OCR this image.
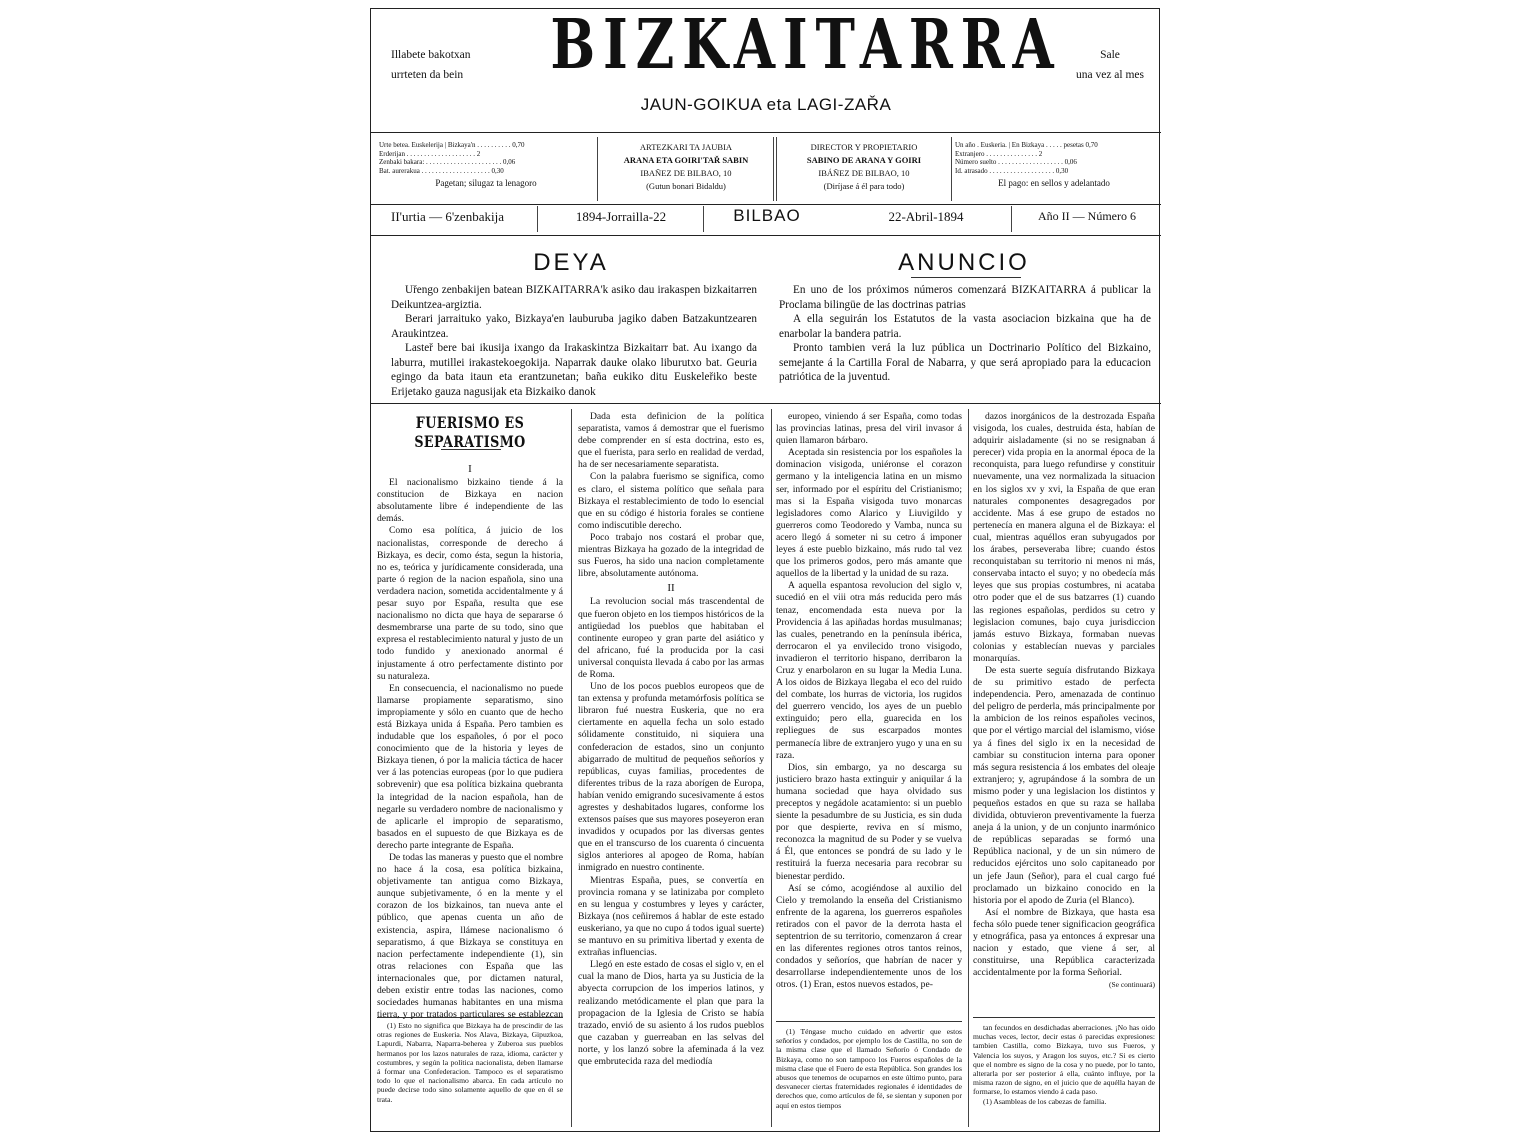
Illabete bakotxan
urrteten da bein	BIZKAITARRA	Sale
una vez al mes
JAUN-GOIKUA eta LAGI-ZAŘA
Urte betea. Euskelerija | Bizkaya'n . . . . . . . . . . 0,70
Erderijan . . . . . . . . . . . . . . . . . . . . 2
Zenbaki bakara: . . . . . . . . . . . . . . . . . . . . . . 0,06
Bat. aurerakua . . . . . . . . . . . . . . . . . . . . 0,30
Pagetan; silugaz ta lenagoro
ARTEZKARI TA JAUBIA
ARANA ETA GOIRI'TAŘ SABIN
IBAÑEZ DE BILBAO, 10
(Gutun bonari Bidaldu)
DIRECTOR Y PROPIETARIO
SABINO DE ARANA Y GOIRI
IBÁÑEZ DE BILBAO, 10
(Diríjase á él para todo)
Un año . Euskeria. | En Bizkaya . . . . . pesetas 0,70
Extranjero . . . . . . . . . . . . . . . 2
Número suelto . . . . . . . . . . . . . . . . . . . 0,06
Id. atrasado . . . . . . . . . . . . . . . . . . . 0,30
El pago: en sellos y adelantado
II'urtia — 6'zenbakija	1894-Jorrailla-22	BILBAO	22-Abril-1894	Año II — Número 6
DEYA

Uřengo zenbakijen batean BIZKAITARRA'k asiko dau irakaspen bizkaitarren Deikuntzea-argiztia.

Berari jarraituko yako, Bizkaya'en lauburuba jagiko daben Batzakuntzearen Araukintzea.

Lasteř bere bai ikusija ixango da Irakaskintza Bizkaitarr bat. Au ixango da laburra, mutillei irakastekoegokija. Naparrak dauke olako liburutxo bat. Geuria egingo da bata itaun eta erantzunetan; baña eukiko ditu Euskeleřiko beste Erijetako gauza nagusijak eta Bizkaiko danok

ANUNCIO

En uno de los próximos números comenzará BIZKAITARRA á publicar la Proclama bilingüe de las doctrinas patrias

A ella seguirán los Estatutos de la vasta asociacion bizkaina que ha de enarbolar la bandera patria.

Pronto tambien verá la luz pública un Doctrinario Político del Bizkaino, semejante á la Cartilla Foral de Nabarra, y que será apropiado para la educacion patriótica de la juventud.

FUERISMO ES SEPARATISMO
I

El nacionalismo bizkaino tiende á la constitucion de Bizkaya en nacion absolutamente libre é independiente de las demás.

Como esa política, á juicio de los nacionalistas, corresponde de derecho á Bizkaya, es decir, como ésta, segun la historia, no es, teórica y jurídicamente considerada, una parte ó region de la nacion española, sino una verdadera nacion, sometida accidentalmente y á pesar suyo por España, resulta que ese nacionalismo no dicta que haya de separarse ó desmembrarse una parte de su todo, sino que expresa el restablecimiento natural y justo de un todo fundido y anexionado anormal é injustamente á otro perfectamente distinto por su naturaleza.

En consecuencia, el nacionalismo no puede llamarse propiamente separatismo, sino impropiamente y sólo en cuanto que de hecho está Bizkaya unida á España. Pero tambien es indudable que los españoles, ó por el poco conocimiento que de la historia y leyes de Bizkaya tienen, ó por la malicia táctica de hacer ver á las potencias europeas (por lo que pudiera sobrevenir) que esa política bizkaina quebranta la integridad de la nacion española, han de negarle su verdadero nombre de nacionalismo y de aplicarle el impropio de separatismo, basados en el supuesto de que Bizkaya es de derecho parte integrante de España.

De todas las maneras y puesto que el nombre no hace á la cosa, esa política bizkaina, objetivamente tan antigua como Bizkaya, aunque subjetivamente, ó en la mente y el corazon de los bizkainos, tan nueva ante el público, que apenas cuenta un año de existencia, aspira, llámese nacionalismo ó separatismo, á que Bizkaya se constituya en nacion perfectamente independiente (1), sin otras relaciones con España que las internacionales que, por dictamen natural, deben existir entre todas las naciones, como sociedades humanas habitantes en una misma tierra, y por tratados particulares se establezcan

(1) Esto no significa que Bizkaya ha de prescindir de las otras regiones de Euskeria. Nos Alava, Bizkaya, Gipuzkoa, Lapurdi, Nabarra, Naparra-beherea y Zuberoa sus pueblos hermanos por los lazos naturales de raza, idioma, carácter y costumbres, y según la política nacionalista, deben llamarse á formar una Confederacion. Tampoco es el separatismo todo lo que el nacionalismo abarca. En cada artículo no puede decirse todo sino solamente aquello de que en él se trata.

Dada esta definicion de la política separatista, vamos á demostrar que el fuerismo debe comprender en sí esta doctrina, esto es, que el fuerista, para serlo en realidad de verdad, ha de ser necesariamente separatista.

Con la palabra fuerismo se significa, como es claro, el sistema político que señala para Bizkaya el restablecimiento de todo lo esencial que en su código é historia forales se contiene como indiscutible derecho.

Poco trabajo nos costará el probar que, mientras Bizkaya ha gozado de la integridad de sus Fueros, ha sido una nacion completamente libre, absolutamente autónoma.

II

La revolucion social más trascendental de que fueron objeto en los tiempos históricos de la antigüedad los pueblos que habitaban el continente europeo y gran parte del asiático y del africano, fué la producida por la casi universal conquista llevada á cabo por las armas de Roma.

Uno de los pocos pueblos europeos que de tan extensa y profunda metamórfosis política se libraron fué nuestra Euskeria, que no era ciertamente en aquella fecha un solo estado sólidamente constituido, ni siquiera una confederacion de estados, sino un conjunto abigarrado de multitud de pequeños señoríos y repúblicas, cuyas familias, procedentes de diferentes tribus de la raza aborígen de Europa, habían venido emigrando sucesivamente á estos agrestes y deshabitados lugares, conforme los extensos países que sus mayores poseyeron eran invadidos y ocupados por las diversas gentes que en el transcurso de los cuarenta ó cincuenta siglos anteriores al apogeo de Roma, habían inmigrado en nuestro continente.

Mientras España, pues, se convertía en provincia romana y se latinizaba por completo en su lengua y costumbres y leyes y carácter, Bizkaya (nos ceñiremos á hablar de este estado euskeriano, ya que no cupo á todos igual suerte) se mantuvo en su primitiva libertad y exenta de extrañas influencias.

Llegó en este estado de cosas el siglo v, en el cual la mano de Dios, harta ya su Justicia de la abyecta corrupcion de los imperios latinos, y realizando metódicamente el plan que para la propagacion de la Iglesia de Cristo se había trazado, envió de su asiento á los rudos pueblos que cazaban y guerreaban en las selvas del norte, y los lanzó sobre la afeminada á la vez que embrutecida raza del mediodía

europeo, viniendo á ser España, como todas las provincias latinas, presa del viril invasor á quien llamaron bárbaro.

Aceptada sin resistencia por los españoles la dominacion visigoda, uniéronse el corazon germano y la inteligencia latina en un mismo ser, informado por el espíritu del Cristianismo; mas si la España visigoda tuvo monarcas legisladores como Alarico y Liuvigildo y guerreros como Teodoredo y Vamba, nunca su acero llegó á someter ni su cetro á imponer leyes á este pueblo bizkaino, más rudo tal vez que los primeros godos, pero más amante que aquellos de la libertad y la unidad de su raza.

A aquella espantosa revolucion del siglo v, sucedió en el viii otra más reducida pero más tenaz, encomendada esta nueva por la Providencia á las apiñadas hordas musulmanas; las cuales, penetrando en la península ibérica, derrocaron el ya envilecido trono visigodo, invadieron el territorio hispano, derribaron la Cruz y enarbolaron en su lugar la Media Luna. A los oidos de Bizkaya llegaba el eco del ruido del combate, los hurras de victoria, los rugidos del guerrero vencido, los ayes de un pueblo extinguido; pero ella, guarecida en los repliegues de sus escarpados montes permanecía libre de extranjero yugo y una en su raza.

Dios, sin embargo, ya no descarga su justiciero brazo hasta extinguir y aniquilar á la humana sociedad que haya olvidado sus preceptos y negádole acatamiento: si un pueblo siente la pesadumbre de su Justicia, es sin duda por que despierte, reviva en sí mismo, reconozca la magnitud de su Poder y se vuelva á Él, que entonces se pondrá de su lado y le restituirá la fuerza necesaria para recobrar su bienestar perdido.

Así se cómo, acogiéndose al auxilio del Cielo y tremolando la enseña del Cristianismo enfrente de la agarena, los guerreros españoles retirados con el pavor de la derrota hasta el septentrion de su territorio, comenzaron á crear en las diferentes regiones otros tantos reinos, condados y señoríos, que habrían de nacer y desarrollarse independientemente unos de los otros. (1) Eran, estos nuevos estados, pe-

(1) Téngase mucho cuidado en advertir que estos señoríos y condados, por ejemplo los de Castilla, no son de la misma clase que el llamado Señorío ó Condado de Bizkaya, como no son tampoco los Fueros españoles de la misma clase que el Fuero de esta República. Son grandes los abusos que tenemos de ocuparnos en este último punto, para desvanecer ciertas fraternidades regionales é identidades de derechos que, como artículos de fé, se sientan y suponen por aquí en estos tiempos

dazos inorgánicos de la destrozada España visigoda, los cuales, destruida ésta, habían de adquirir aisladamente (si no se resignaban á perecer) vida propia en la anormal época de la reconquista, para luego refundirse y constituir nuevamente, una vez normalizada la situacion en los siglos xv y xvi, la España de que eran naturales componentes desagregados por accidente. Mas á ese grupo de estados no pertenecía en manera alguna el de Bizkaya: el cual, mientras aquéllos eran subyugados por los árabes, perseveraba libre; cuando éstos reconquistaban su territorio ni menos ni más, conservaba intacto el suyo; y no obedecía más leyes que sus propias costumbres, ni acataba otro poder que el de sus batzarres (1) cuando las regiones españolas, perdidos su cetro y legislacion comunes, bajo cuya jurisdiccion jamás estuvo Bizkaya, formaban nuevas colonias y establecían nuevas y parciales monarquías.

De esta suerte seguía disfrutando Bizkaya de su primitivo estado de perfecta independencia. Pero, amenazada de continuo del peligro de perderla, más principalmente por la ambicion de los reinos españoles vecinos, que por el vértigo marcial del islamismo, vióse ya á fines del siglo ix en la necesidad de cambiar su constitucion interna para oponer más segura resistencia á los embates del oleaje extranjero; y, agrupándose á la sombra de un mismo poder y una legislacion los distintos y pequeños estados en que su raza se hallaba dividida, obtuvieron preventivamente la fuerza aneja á la union, y de un conjunto inarmónico de repúblicas separadas se formó una República nacional, y de un sin número de reducidos ejércitos uno solo capitaneado por un jefe Jaun (Señor), para el cual cargo fué proclamado un bizkaino conocido en la historia por el apodo de Zuria (el Blanco).

Así el nombre de Bizkaya, que hasta esa fecha sólo puede tener significacion geográfica y etnográfica, pasa ya entonces á expresar una nacion y estado, que viene á ser, al constituirse, una República caracterizada accidentalmente por la forma Señorial.

(Se continuará)

tan fecundos en desdichadas aberraciones. ¡No has oido muchas veces, lector, decir estas ó parecidas expresiones: tambien Castilla, como Bizkaya, tuvo sus Fueros, y Valencia los suyos, y Aragon los suyos, etc.? Si es cierto que el nombre es signo de la cosa y no puede, por lo tanto, alterarla por ser posterior á ella, cuánto influye, por la misma razon de signo, en el juicio que de aquélla hayan de formarse, lo estamos viendo á cada paso.

(1) Asambleas de los cabezas de familia.
